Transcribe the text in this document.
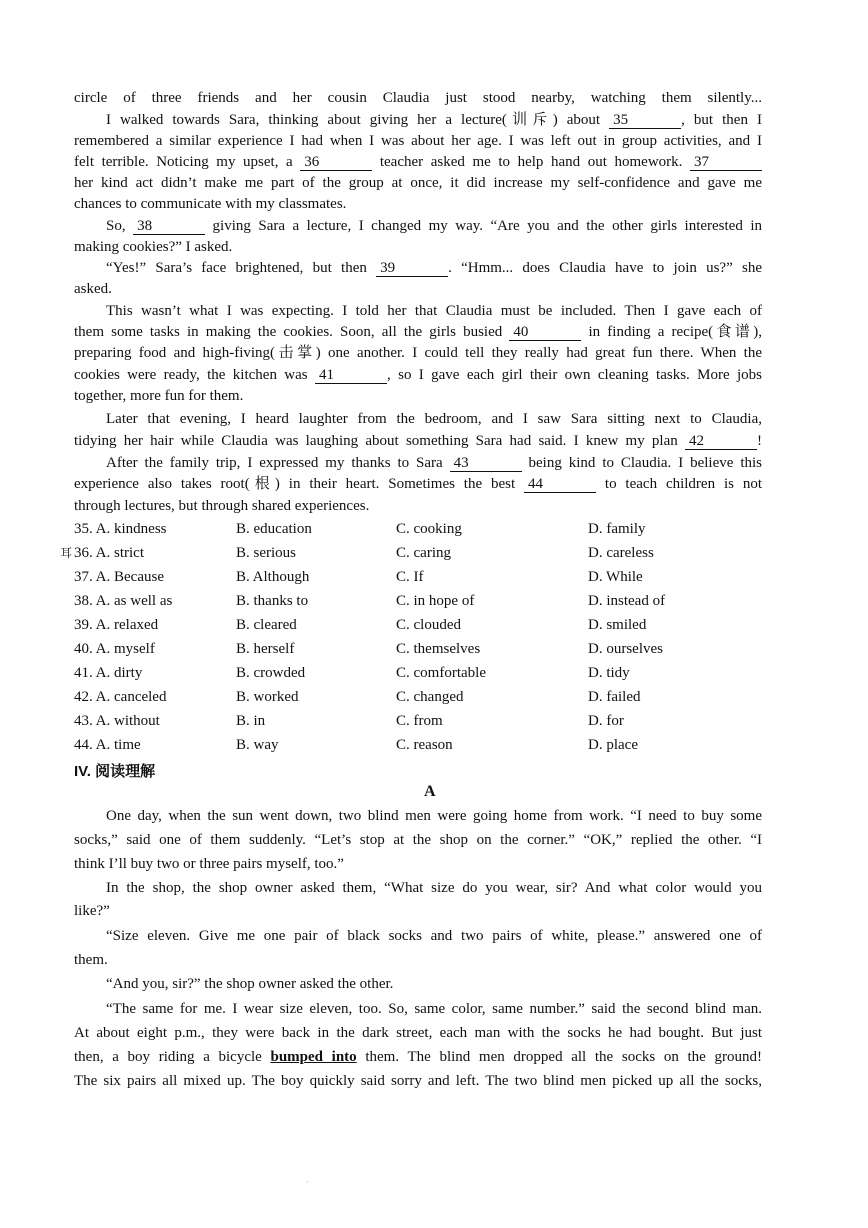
circle of three friends and her cousin Claudia just stood nearby, watching them silently...
I walked towards Sara, thinking about giving her a lecture(训斥) about 35	, but then I
remembered a similar experience I had when I was about her age. I was left out in group activities, and I
felt terrible. Noticing my upset, a 36	teacher asked me to help hand out homework. 37
her kind act didn’t make me part of the group at once, it did increase my self-confidence and gave me
chances to communicate with my classmates.
So, 38	giving Sara a lecture, I changed my way. “Are you and the other girls interested in
making cookies?” I asked.
“Yes!” Sara’s face brightened, but then 39	. “Hmm... does Claudia have to join us?” she
asked.
This wasn’t what I was expecting. I told her that Claudia must be included. Then I gave each of
them some tasks in making the cookies. Soon, all the girls busied 40	in finding a recipe(食谱),
preparing food and high-fiving(击掌) one another. I could tell they really had great fun there. When the
cookies were ready, the kitchen was 41	, so I gave each girl their own cleaning tasks. More jobs
together, more fun for them.
Later that evening, I heard laughter from the bedroom, and I saw Sara sitting next to Claudia,
tidying her hair while Claudia was laughing about something Sara had said. I knew my plan 42	!
After the family trip, I expressed my thanks to Sara 43	being kind to Claudia. I believe this
experience also takes root(根) in their heart. Sometimes the best 44	to teach children is not
through lectures, but through shared experiences.
35. A. kindness	B. education	C. cooking	D. family
耳 36. A. strict	B. serious	C. caring	D. careless
37. A. Because	B. Although	C. If	D. While
38. A. as well as	B. thanks to	C. in hope of	D. instead of
39. A. relaxed	B. cleared	C. clouded	D. smiled
40. A. myself	B. herself	C. themselves	D. ourselves
41. A. dirty	B. crowded	C. comfortable	D. tidy
42. A. canceled	B. worked	C. changed	D. failed
43. A. without	B. in	C. from	D. for
44. A. time	B. way	C. reason	D. place
IV. 阅读理解
A
One day, when the sun went down, two blind men were going home from work. “I need to buy some
socks,” said one of them suddenly. “Let’s stop at the shop on the corner.” “OK,” replied the other. “I
think I’ll buy two or three pairs myself, too.”
In the shop, the shop owner asked them, “What size do you wear, sir? And what color would you
like?”
“Size eleven. Give me one pair of black socks and two pairs of white, please.” answered one of
them.
“And you, sir?” the shop owner asked the other.
“The same for me. I wear size eleven, too. So, same color, same number.” said the second blind man.
At about eight p.m., they were back in the dark street, each man with the socks he had bought. But just
then, a boy riding a bicycle bumped into them. The blind men dropped all the socks on the ground!
The six pairs all mixed up. The boy quickly said sorry and left. The two blind men picked up all the socks,
·
